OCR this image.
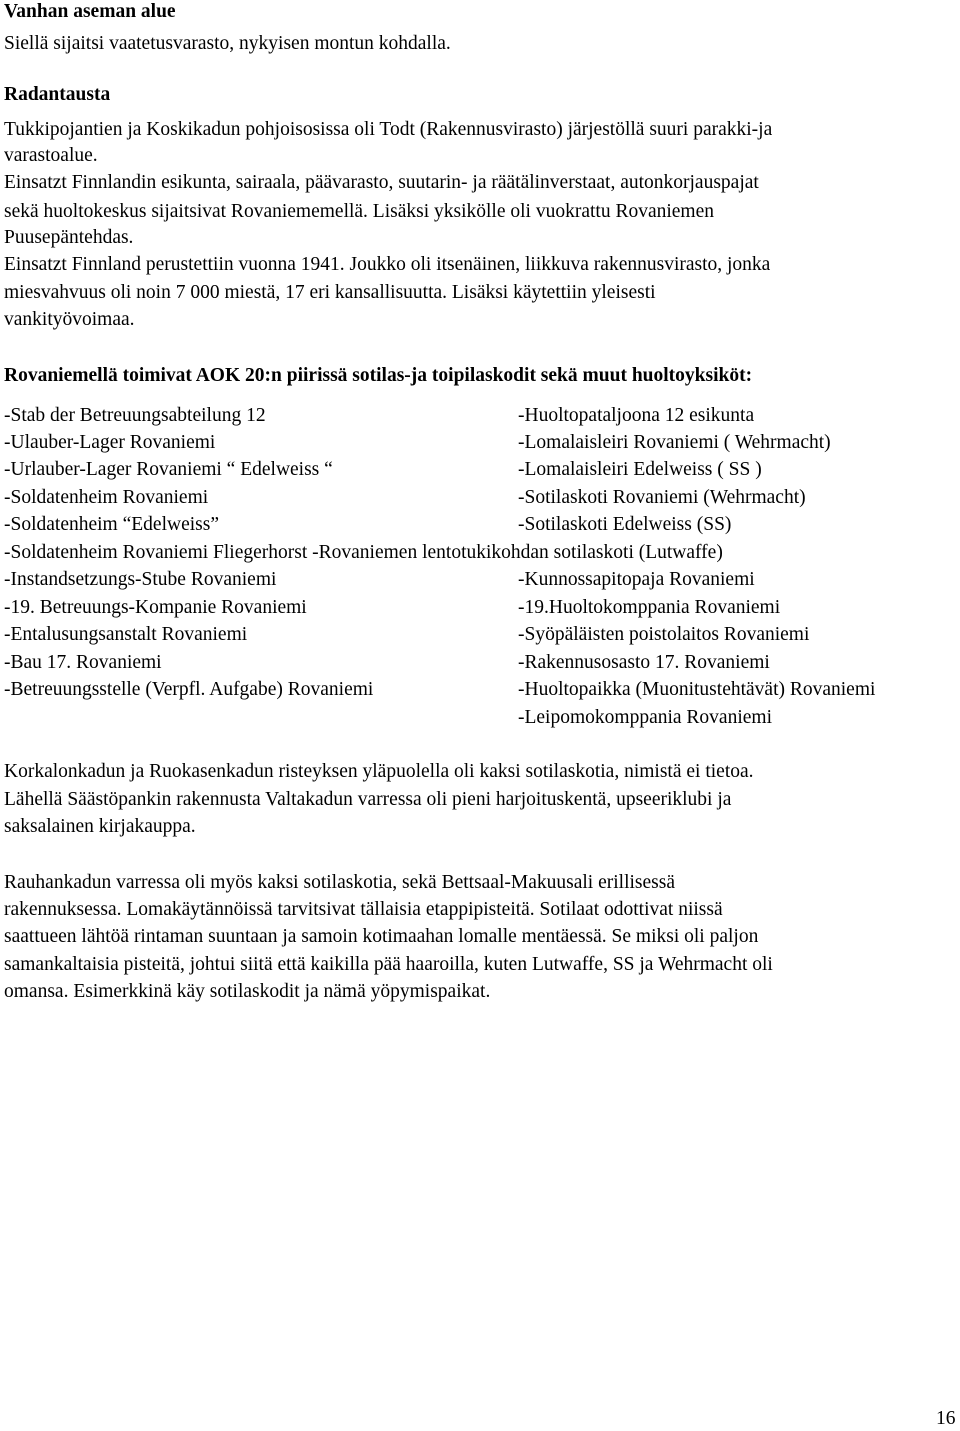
Vanhan aseman alue
Siellä sijaitsi vaatetusvarasto, nykyisen montun kohdalla.
Radantausta
Tukkipojantien ja Koskikadun pohjoisosissa oli Todt (Rakennusvirasto) järjestöllä suuri parakki-ja
varastoalue.
Einsatzt Finnlandin esikunta, sairaala, päävarasto, suutarin- ja räätälinverstaat, autonkorjauspajat
sekä huoltokeskus sijaitsivat Rovaniememellä. Lisäksi yksikölle oli vuokrattu Rovaniemen
Puusepäntehdas.
Einsatzt Finnland perustettiin vuonna 1941. Joukko oli itsenäinen, liikkuva rakennusvirasto, jonka
miesvahvuus oli noin 7 000 miestä, 17 eri kansallisuutta. Lisäksi käytettiin yleisesti
vankityövoimaa.
Rovaniemellä toimivat AOK 20:n piirissä sotilas-ja toipilaskodit sekä muut huoltoyksiköt:
-Stab der Betreuungsabteilung 12	-Huoltopataljoona 12 esikunta
-Ulauber-Lager Rovaniemi	-Lomalaisleiri Rovaniemi ( Wehrmacht)
-Urlauber-Lager Rovaniemi “ Edelweiss “	-Lomalaisleiri Edelweiss ( SS )
-Soldatenheim Rovaniemi	-Sotilaskoti Rovaniemi (Wehrmacht)
-Soldatenheim “Edelweiss”	-Sotilaskoti Edelweiss (SS)
-Soldatenheim Rovaniemi Fliegerhorst -Rovaniemen lentotukikohdan sotilaskoti (Lutwaffe)
-Instandsetzungs-Stube Rovaniemi	-Kunnossapitopaja Rovaniemi
-19. Betreuungs-Kompanie Rovaniemi	-19.Huoltokomppania Rovaniemi
-Entalusungsanstalt Rovaniemi	-Syöpäläisten poistolaitos Rovaniemi
-Bau 17. Rovaniemi	-Rakennusosasto 17. Rovaniemi
-Betreuungsstelle (Verpfl. Aufgabe) Rovaniemi	-Huoltopaikka (Muonitustehtävät) Rovaniemi
-Leipomokomppania Rovaniemi
Korkalonkadun ja Ruokasenkadun risteyksen yläpuolella oli kaksi sotilaskotia, nimistä ei tietoa.
Lähellä Säästöpankin rakennusta Valtakadun varressa oli pieni harjoituskentä, upseeriklubi ja
saksalainen kirjakauppa.
Rauhankadun varressa oli myös kaksi sotilaskotia, sekä Bettsaal-Makuusali erillisessä
rakennuksessa. Lomakäytännöissä tarvitsivat tällaisia etappipisteitä. Sotilaat odottivat niissä
saattueen lähtöä rintaman suuntaan ja samoin kotimaahan lomalle mentäessä. Se miksi oli paljon
samankaltaisia pisteitä, johtui siitä että kaikilla pää haaroilla, kuten Lutwaffe, SS ja Wehrmacht oli
omansa. Esimerkkinä käy sotilaskodit ja nämä yöpymispaikat.
16
